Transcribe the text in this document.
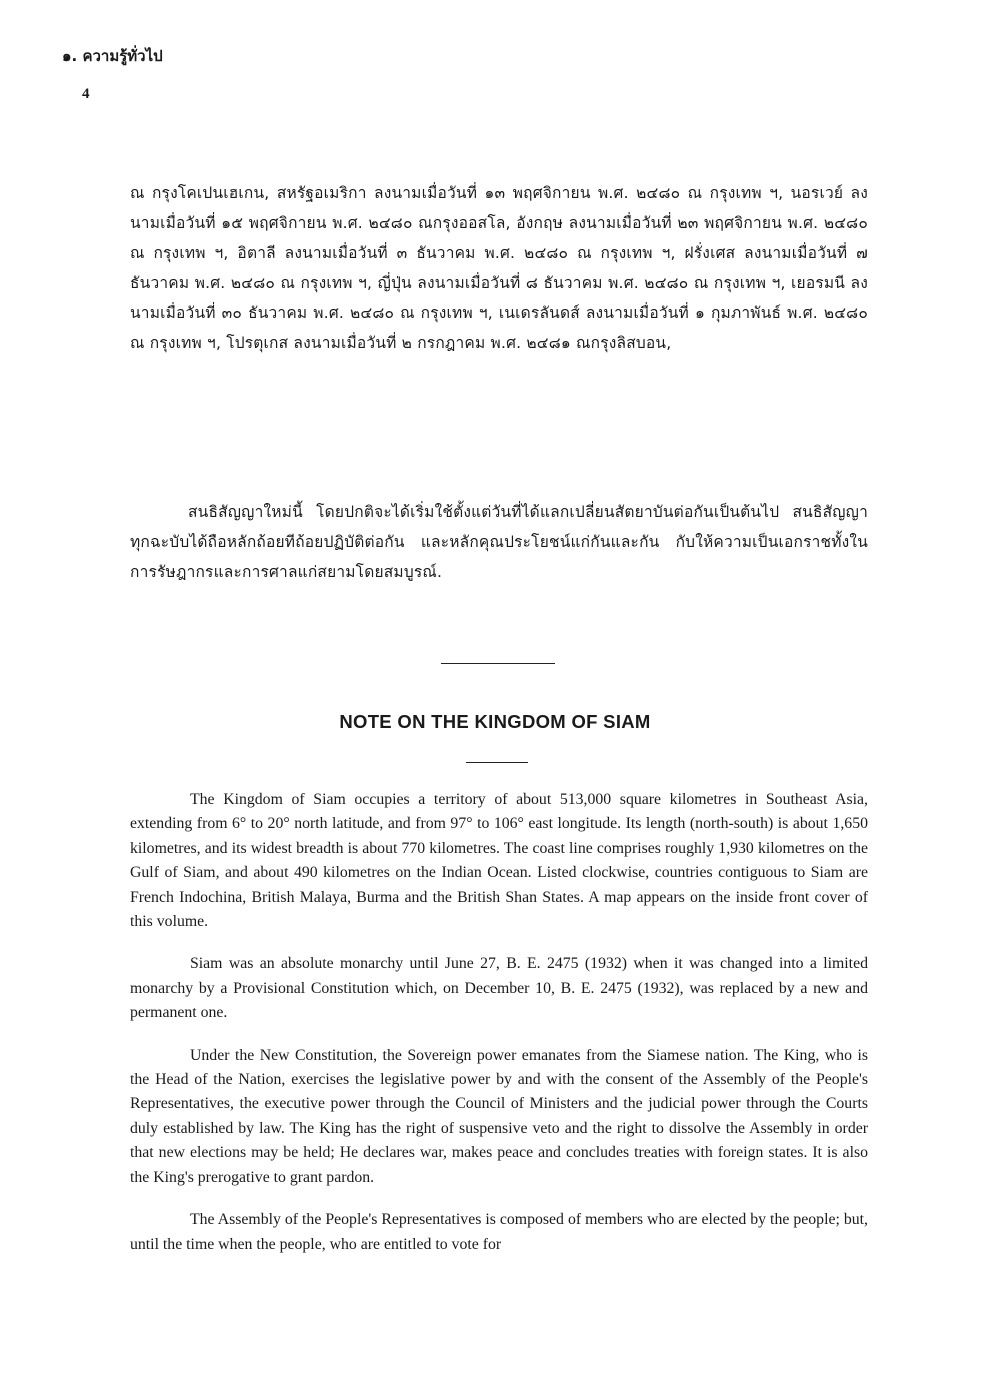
๑. ความรู้ทั่วไป
4

ณ กรุงโคเปนเฮเกน, สหรัฐอเมริกา ลงนามเมื่อวันที่ ๑๓ พฤศจิกายน พ.ศ. ๒๔๘๐ ณ กรุงเทพ ฯ, นอรเวย์ ลงนามเมื่อวันที่ ๑๕ พฤศจิกายน พ.ศ. ๒๔๘๐ ณกรุงออสโล, อังกฤษ ลงนามเมื่อวันที่ ๒๓ พฤศจิกายน พ.ศ. ๒๔๘๐ ณ กรุงเทพ ฯ, อิตาลี ลงนามเมื่อวันที่ ๓ ธันวาคม พ.ศ. ๒๔๘๐ ณ กรุงเทพ ฯ, ฝรั่งเศส ลงนามเมื่อวันที่ ๗ ธันวาคม พ.ศ. ๒๔๘๐ ณ กรุงเทพ ฯ, ญี่ปุ่น ลงนามเมื่อวันที่ ๘ ธันวาคม พ.ศ. ๒๔๘๐ ณ กรุงเทพ ฯ, เยอรมนี ลงนามเมื่อวันที่ ๓๐ ธันวาคม พ.ศ. ๒๔๘๐ ณ กรุงเทพ ฯ, เนเดรลันดส์ ลงนามเมื่อวันที่ ๑ กุมภาพันธ์ พ.ศ. ๒๔๘๐ ณ กรุงเทพ ฯ, โปรตุเกส ลงนามเมื่อวันที่ ๒ กรกฎาคม พ.ศ. ๒๔๘๑ ณกรุงลิสบอน,

สนธิสัญญาใหม่นี้ โดยปกติจะได้เริ่มใช้ตั้งแต่วันที่ได้แลกเปลี่ยนสัตยาบันต่อกันเป็นต้นไป สนธิสัญญาทุกฉะบับได้ถือหลักถ้อยทีถ้อยปฏิบัติต่อกัน และหลักคุณประโยชน์แก่กันและกัน กับให้ความเป็นเอกราชทั้งในการรัษฎากรและการศาลแก่สยามโดยสมบูรณ์.

NOTE ON THE KINGDOM OF SIAM

The Kingdom of Siam occupies a territory of about 513,000 square kilometres in Southeast Asia, extending from 6° to 20° north latitude, and from 97° to 106° east longitude. Its length (north-south) is about 1,650 kilometres, and its widest breadth is about 770 kilometres. The coast line comprises roughly 1,930 kilometres on the Gulf of Siam, and about 490 kilometres on the Indian Ocean. Listed clockwise, countries contiguous to Siam are French Indochina, British Malaya, Burma and the British Shan States. A map appears on the inside front cover of this volume.

Siam was an absolute monarchy until June 27, B. E. 2475 (1932) when it was changed into a limited monarchy by a Provisional Constitution which, on December 10, B. E. 2475 (1932), was replaced by a new and permanent one.

Under the New Constitution, the Sovereign power emanates from the Siamese nation. The King, who is the Head of the Nation, exercises the legislative power by and with the consent of the Assembly of the People's Representatives, the executive power through the Council of Ministers and the judicial power through the Courts duly established by law. The King has the right of suspensive veto and the right to dissolve the Assembly in order that new elections may be held; He declares war, makes peace and concludes treaties with foreign states. It is also the King's prerogative to grant pardon.

The Assembly of the People's Representatives is composed of members who are elected by the people; but, until the time when the people, who are entitled to vote for
